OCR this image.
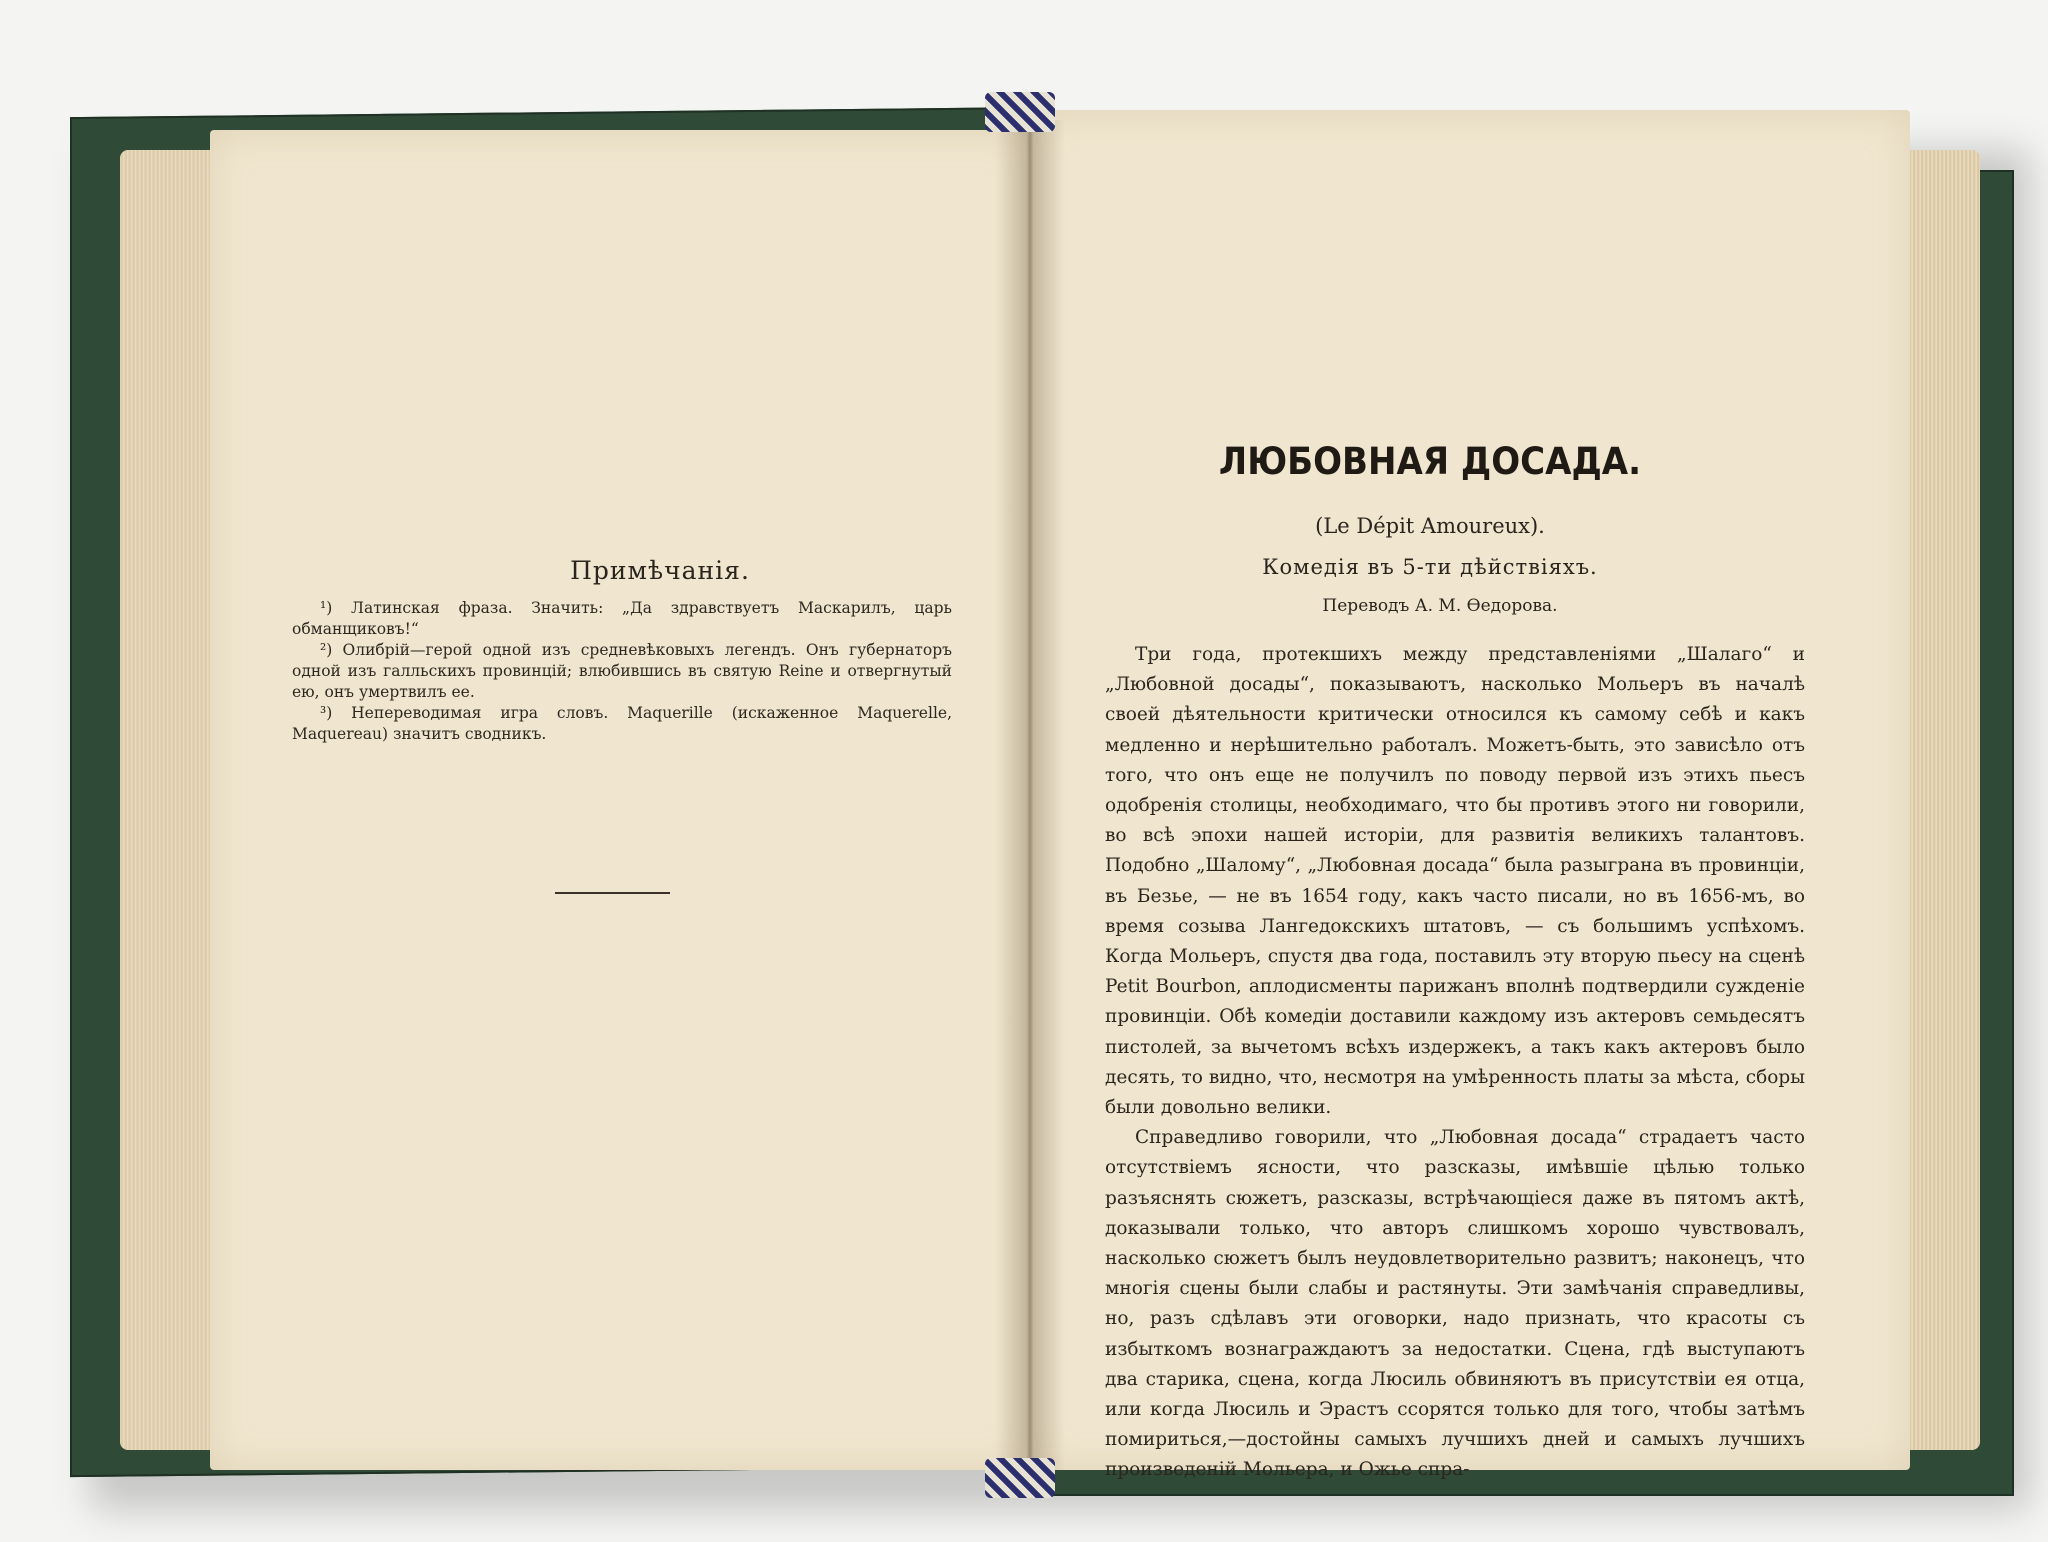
Примѣчанія.

¹) Латинская фраза. Значить: „Да здравствуетъ Маскарилъ, царь обманщиковъ!“

²) Олибрій—герой одной изъ средневѣковыхъ легендъ. Онъ губернаторъ одной изъ галльскихъ провинцій; влюбившись въ святую Reine и отвергнутый ею, онъ умертвилъ ее.

³) Непереводимая игра словъ. Maquerille (искаженное Maquerelle, Maquereau) значитъ сводникъ.

ЛЮБОВНАЯ ДОСАДА.
(Le Dépit Amoureux).
Комедія въ 5-ти дѣйствіяхъ.
Переводъ А. М. Ѳедорова.

Три года, протекшихъ между представленіями „Шалаго“ и „Любовной досады“, показываютъ, насколько Мольеръ въ началѣ своей дѣятельности критически относился къ самому себѣ и какъ медленно и нерѣшительно работалъ. Можетъ-быть, это зависѣло отъ того, что онъ еще не получилъ по поводу первой изъ этихъ пьесъ одобренія столицы, необходимаго, что бы противъ этого ни говорили, во всѣ эпохи нашей исторіи, для развитія великихъ талантовъ. Подобно „Шалому“, „Любовная досада“ была разыграна въ провинціи, въ Безье, — не въ 1654 году, какъ часто писали, но въ 1656-мъ, во время созыва Лангедокскихъ штатовъ, — съ большимъ успѣхомъ. Когда Мольеръ, спустя два года, поставилъ эту вторую пьесу на сценѣ Petit Bourbon, аплодисменты парижанъ вполнѣ подтвердили сужденіе провинціи. Обѣ комедіи доставили каждому изъ актеровъ семьдесятъ пистолей, за вычетомъ всѣхъ издержекъ, а такъ какъ актеровъ было десять, то видно, что, несмотря на умѣренность платы за мѣста, сборы были довольно велики.

Справедливо говорили, что „Любовная досада“ страдаетъ часто отсутствіемъ ясности, что разсказы, имѣвшіе цѣлью только разъяснять сюжетъ, разсказы, встрѣчающіеся даже въ пятомъ актѣ, доказывали только, что авторъ слишкомъ хорошо чувствовалъ, насколько сюжетъ былъ неудовлетворительно развитъ; наконецъ, что многія сцены были слабы и растянуты. Эти замѣчанія справедливы, но, разъ сдѣлавъ эти оговорки, надо признать, что красоты съ избыткомъ вознаграждаютъ за недостатки. Сцена, гдѣ выступаютъ два старика, сцена, когда Люсиль обвиняютъ въ присутствіи ея отца, или когда Люсиль и Эрастъ ссорятся только для того, чтобы затѣмъ помириться,—достойны самыхъ лучшихъ дней и самыхъ лучшихъ произведеній Мольера, и Ожье спра-
